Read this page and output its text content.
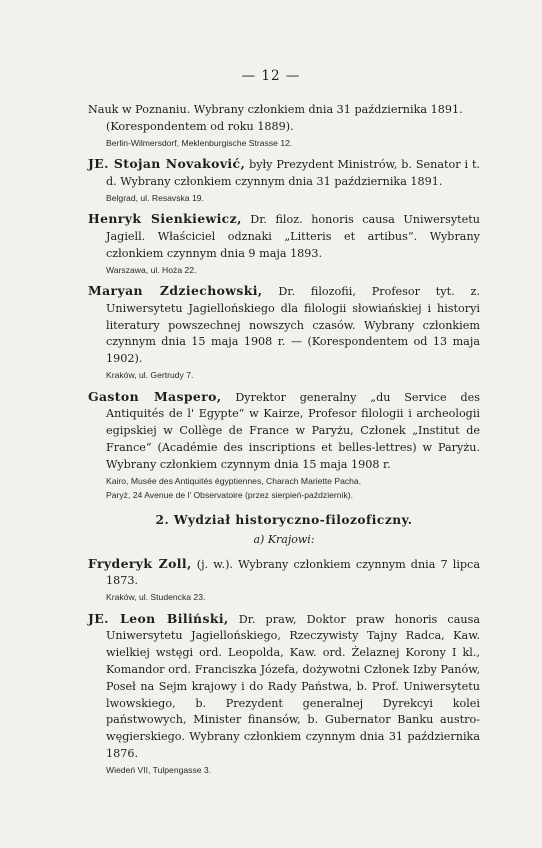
— 12 —

Nauk w Poznaniu. Wybrany członkiem dnia 31 października 1891.

(Korespondentem od roku 1889).

Berlin-Wilmersdorf, Meklenburgische Strasse 12.

JE. Stojan Novaković, były Prezydent Ministrów, b. Senator i t. d. Wybrany członkiem czynnym dnia 31 października 1891.

Belgrad, ul. Resavska 19.

Henryk Sienkiewicz, Dr. filoz. honoris causa Uniwersytetu Jagiell. Właściciel odznaki „Litteris et artibus“. Wybrany członkiem czynnym dnia 9 maja 1893.

Warszawa, ul. Hoża 22.

Maryan Zdziechowski, Dr. filozofii, Profesor tyt. z. Uniwersytetu Jagiellońskiego dla filologii słowiańskiej i historyi literatury powszechnej nowszych czasów. Wybrany członkiem czynnym dnia 15 maja 1908 r. — (Korespondentem od 13 maja 1902).

Kraków, ul. Gertrudy 7.

Gaston Maspero, Dyrektor generalny „du Service des Antiquités de l' Egypte“ w Kairze, Profesor filologii i archeologii egipskiej w Collège de France w Paryżu, Członek „Institut de France“ (Académie des inscriptions et belles-lettres) w Paryżu. Wybrany członkiem czynnym dnia 15 maja 1908 r.

Kairo, Musée des Antiquités égyptiennes, Charach Mariette Pacha.

Paryż, 24 Avenue de l' Observatoire (przez sierpień-październik).

2. Wydział historyczno-filozoficzny.
a) Krajowi:

Fryderyk Zoll, (j. w.). Wybrany członkiem czynnym dnia 7 lipca 1873.

Kraków, ul. Studencka 23.

JE. Leon Biliński, Dr. praw, Doktor praw honoris causa Uniwersytetu Jagiellońskiego, Rzeczywisty Tajny Radca, Kaw. wielkiej wstęgi ord. Leopolda, Kaw. ord. Żelaznej Korony I kl., Komandor ord. Franciszka Józefa, dożywotni Członek Izby Panów, Poseł na Sejm krajowy i do Rady Państwa, b. Prof. Uniwersytetu lwowskiego, b. Prezydent generalnej Dyrekcyi kolei państwowych, Minister finansów, b. Gubernator Banku austro-węgierskiego. Wybrany członkiem czynnym dnia 31 października 1876.

Wiedeń VII, Tulpengasse 3.
